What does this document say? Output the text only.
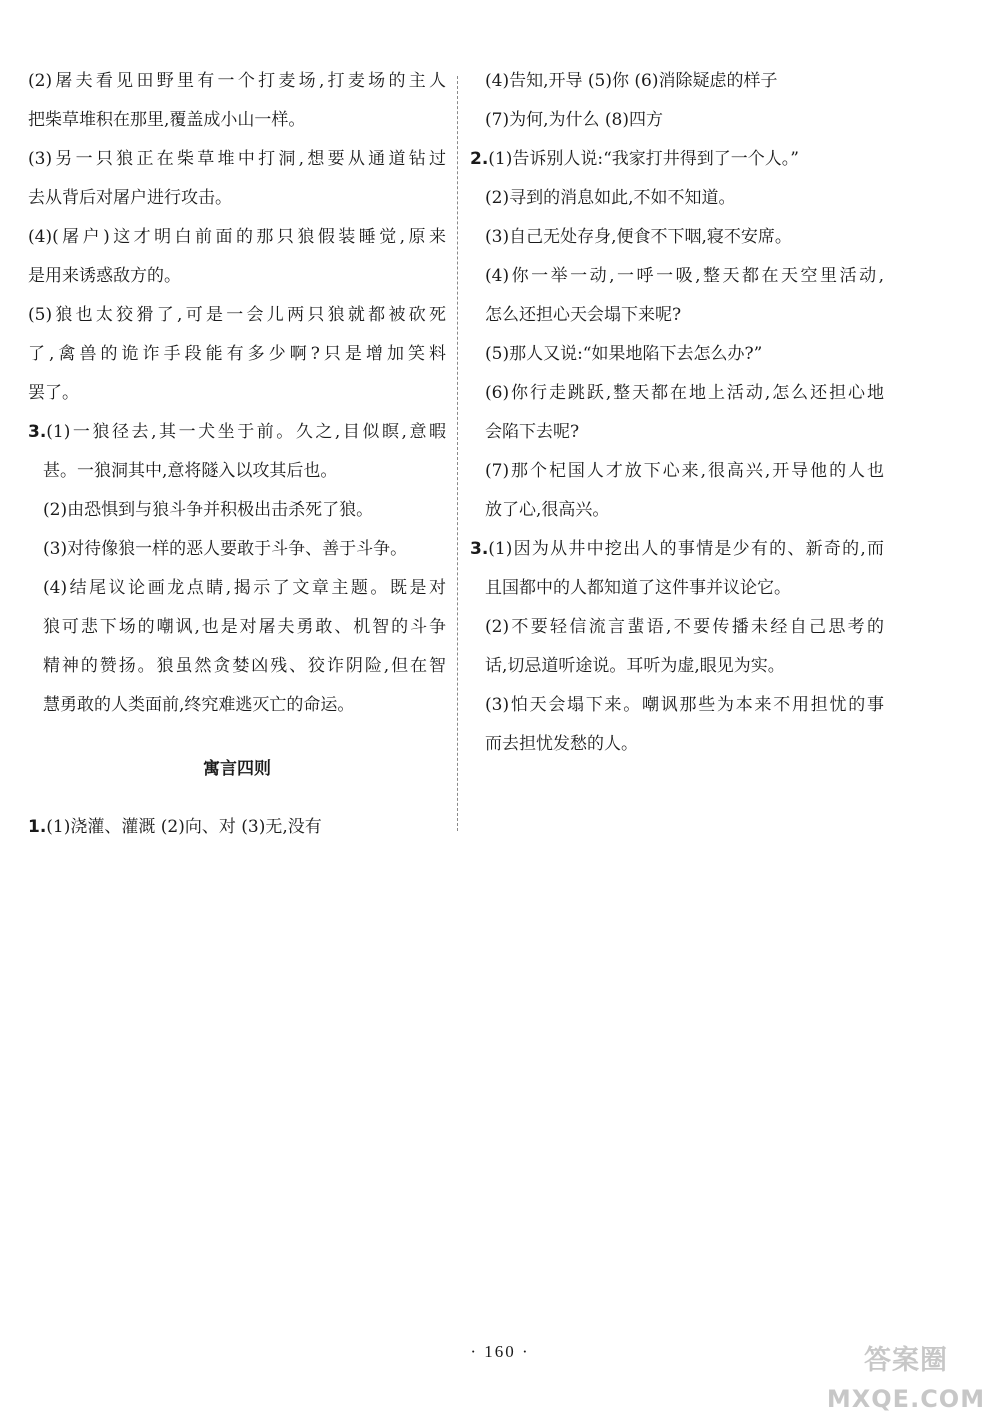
(2)屠夫看见田野里有一个打麦场,打麦场的主人
把柴草堆积在那里,覆盖成小山一样。
(3)另一只狼正在柴草堆中打洞,想要从通道钻过
去从背后对屠户进行攻击。
(4)(屠户)这才明白前面的那只狼假装睡觉,原来
是用来诱惑敌方的。
(5)狼也太狡猾了,可是一会儿两只狼就都被砍死
了,禽兽的诡诈手段能有多少啊?只是增加笑料
罢了。
3.(1)一狼径去,其一犬坐于前。久之,目似瞑,意暇
甚。一狼洞其中,意将隧入以攻其后也。
(2)由恐惧到与狼斗争并积极出击杀死了狼。
(3)对待像狼一样的恶人要敢于斗争、善于斗争。
(4)结尾议论画龙点睛,揭示了文章主题。既是对
狼可悲下场的嘲讽,也是对屠夫勇敢、机智的斗争
精神的赞扬。狼虽然贪婪凶残、狡诈阴险,但在智
慧勇敢的人类面前,终究难逃灭亡的命运。
寓言四则
1.(1)浇灌、灌溉 (2)向、对 (3)无,没有
(4)告知,开导 (5)你 (6)消除疑虑的样子
(7)为何,为什么 (8)四方
2.(1)告诉别人说:“我家打井得到了一个人。”
(2)寻到的消息如此,不如不知道。
(3)自己无处存身,便食不下咽,寝不安席。
(4)你一举一动,一呼一吸,整天都在天空里活动,
怎么还担心天会塌下来呢?
(5)那人又说:“如果地陷下去怎么办?”
(6)你行走跳跃,整天都在地上活动,怎么还担心地
会陷下去呢?
(7)那个杞国人才放下心来,很高兴,开导他的人也
放了心,很高兴。
3.(1)因为从井中挖出人的事情是少有的、新奇的,而
且国都中的人都知道了这件事并议论它。
(2)不要轻信流言蜚语,不要传播未经自己思考的
话,切忌道听途说。耳听为虚,眼见为实。
(3)怕天会塌下来。嘲讽那些为本来不用担忧的事
而去担忧发愁的人。
· 160 ·	答案圈
MXQE.COM
